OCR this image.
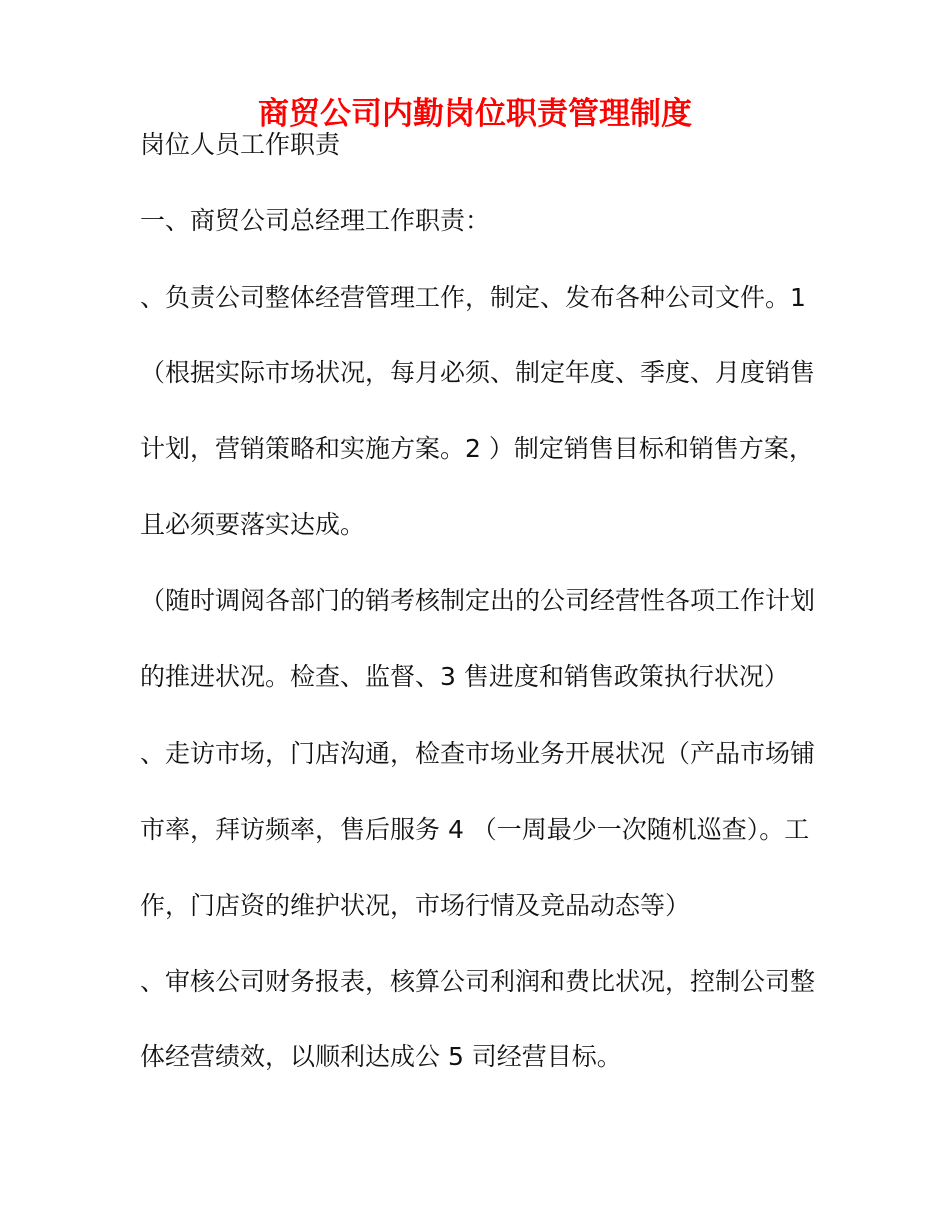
商贸公司内勤岗位职责管理制度
岗位人员工作职责
一、商贸公司总经理工作职责：
、负责公司整体经营管理工作，制定、发布各种公司文件。1
（根据实际市场状况，每月必须、制定年度、季度、月度销售
计划，营销策略和实施方案。2 ）制定销售目标和销售方案，
且必须要落实达成。
（随时调阅各部门的销考核制定出的公司经营性各项工作计划
的推进状况。检查、监督、3 售进度和销售政策执行状况）
、走访市场，门店沟通，检查市场业务开展状况（产品市场铺
市率，拜访频率，售后服务 4 （一周最少一次随机巡查）。工
作，门店资的维护状况，市场行情及竞品动态等）
、审核公司财务报表，核算公司利润和费比状况，控制公司整
体经营绩效，以顺利达成公 5 司经营目标。
